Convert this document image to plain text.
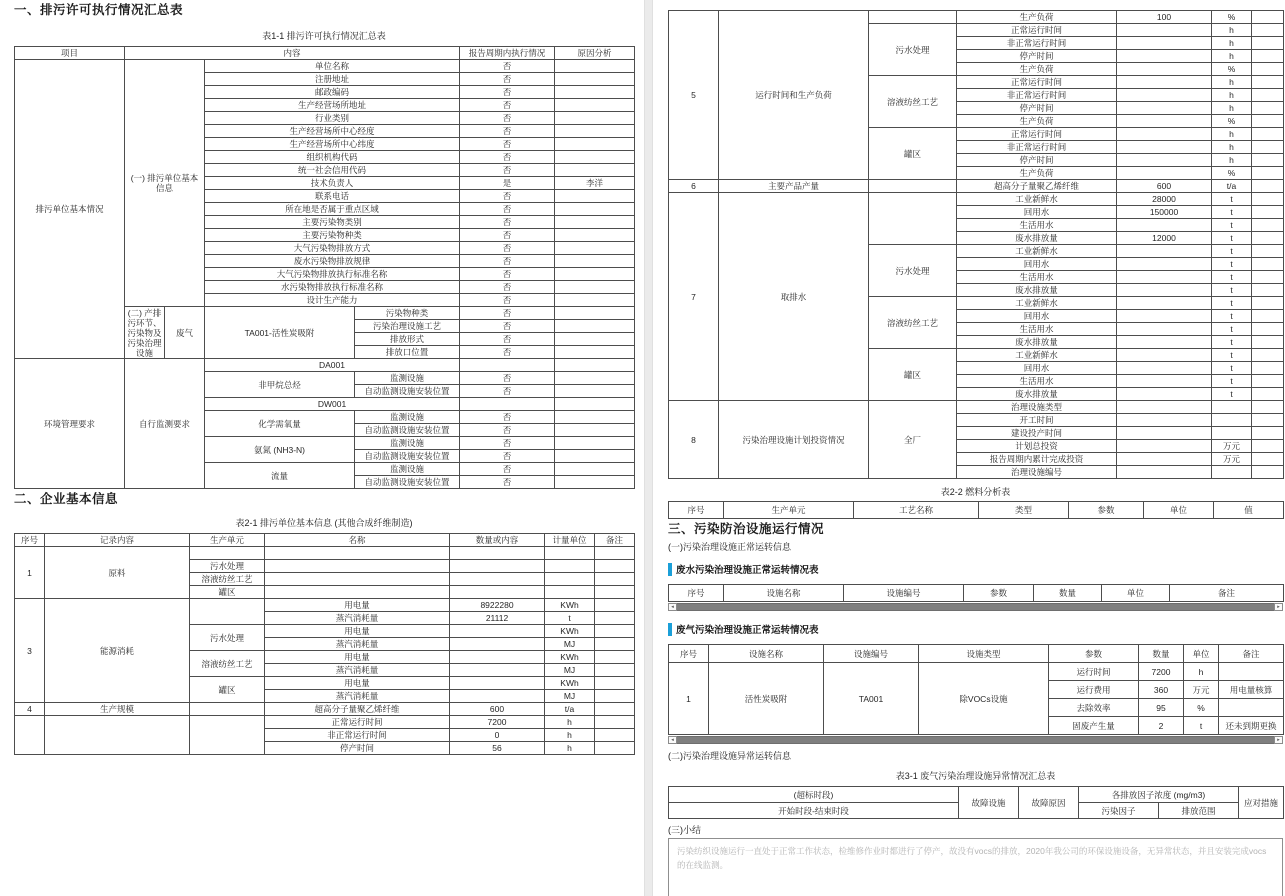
一、排污许可执行情况汇总表

表1-1 排污许可执行情况汇总表

项目	内容				报告周期内执行情况	原因分析
排污单位基本情况	(一) 排污单位基本信息		单位名称		否	
			注册地址		否	
			邮政编码		否	
			生产经营场所地址		否	
			行业类别		否	
			生产经营场所中心经度		否	
			生产经营场所中心纬度		否	
			组织机构代码		否	
			统一社会信用代码		否	
			技术负责人		是	李洋
			联系电话		否	
			所在地是否属于重点区域		否	
			主要污染物类别		否	
			主要污染物种类		否	
			大气污染物排放方式		否	
			废水污染物排放规律		否	
			大气污染物排放执行标准名称		否	
			水污染物排放执行标准名称		否	
			设计生产能力		否	
	(二) 产排污环节、污染物及污染治理设施	废气	TA001-活性炭吸附	污染物种类	否	
				污染治理设施工艺	否	
				排放形式	否	
				排放口位置	否	
环境管理要求	自行监测要求		DA001			
			非甲烷总烃	监测设施	否	
				自动监测设施安装位置	否	
			DW001			
			化学需氧量	监测设施	否	
				自动监测设施安装位置	否	
			氨氮 (NH3-N)	监测设施	否	
				自动监测设施安装位置	否	
			流量	监测设施	否	
				自动监测设施安装位置	否	
二、企业基本信息

表2-1 排污单位基本信息 (其他合成纤维制造)

序号	记录内容	生产单元	名称	数量或内容	计量单位	备注
1	原料					
		污水处理				
		溶液纺丝工艺				
		罐区				
3	能源消耗		用电量	8922280	KWh	
			蒸汽消耗量	21112	t	
		污水处理	用电量		KWh	
			蒸汽消耗量		MJ	
		溶液纺丝工艺	用电量		KWh	
			蒸汽消耗量		MJ	
		罐区	用电量		KWh	
			蒸汽消耗量		MJ	
4	生产规模		超高分子量聚乙烯纤维	600	t/a	
			正常运行时间	7200	h	
			非正常运行时间	0	h	
			停产时间	56	h	
5	运行时间和生产负荷		生产负荷	100	%	
		污水处理	正常运行时间		h	
			非正常运行时间		h	
			停产时间		h	
			生产负荷		%	
		溶液纺丝工艺	正常运行时间		h	
			非正常运行时间		h	
			停产时间		h	
			生产负荷		%	
		罐区	正常运行时间		h	
			非正常运行时间		h	
			停产时间		h	
			生产负荷		%	
6	主要产品产量		超高分子量聚乙烯纤维	600	t/a	
7	取排水		工业新鲜水	28000	t	
			回用水	150000	t	
			生活用水		t	
			废水排放量	12000	t	
		污水处理	工业新鲜水		t	
			回用水		t	
			生活用水		t	
			废水排放量		t	
		溶液纺丝工艺	工业新鲜水		t	
			回用水		t	
			生活用水		t	
			废水排放量		t	
		罐区	工业新鲜水		t	
			回用水		t	
			生活用水		t	
			废水排放量		t	
8	污染治理设施计划投资情况	全厂	治理设施类型			
			开工时间			
			建设投产时间			
			计划总投资		万元	
			报告周期内累计完成投资		万元	
			治理设施编号			

表2-2 燃料分析表

序号	生产单元	工艺名称	类型	参数	单位	值
三、污染防治设施运行情况

(一)污染治理设施正常运转信息

废水污染治理设施正常运转情况表
序号	设施名称	设施编号	参数	数量	单位	备注
◂	▸
废气污染治理设施正常运转情况表
序号	设施名称	设施编号	设施类型	参数	数量	单位	备注
1	活性炭吸附	TA001	除VOCs设施	运行时间	7200	h	
				运行费用	360	万元	用电量核算
				去除效率	95	%	
				固废产生量	2	t	还未到期更换
◂	▸

(二)污染治理设施异常运转信息

表3-1 废气污染治理设施异常情况汇总表

(超标时段)	故障设施	故障原因	各排放因子浓度 (mg/m3)		应对措施
开始时段-结束时段			污染因子	排放范围	

(三)小结

污染纺织设施运行一直处于正常工作状态，检维修作业时都进行了停产，故没有vocs的排放，2020年我公司的环保设施设备，无异常状态，并且安装完成vocs的在线监测。
